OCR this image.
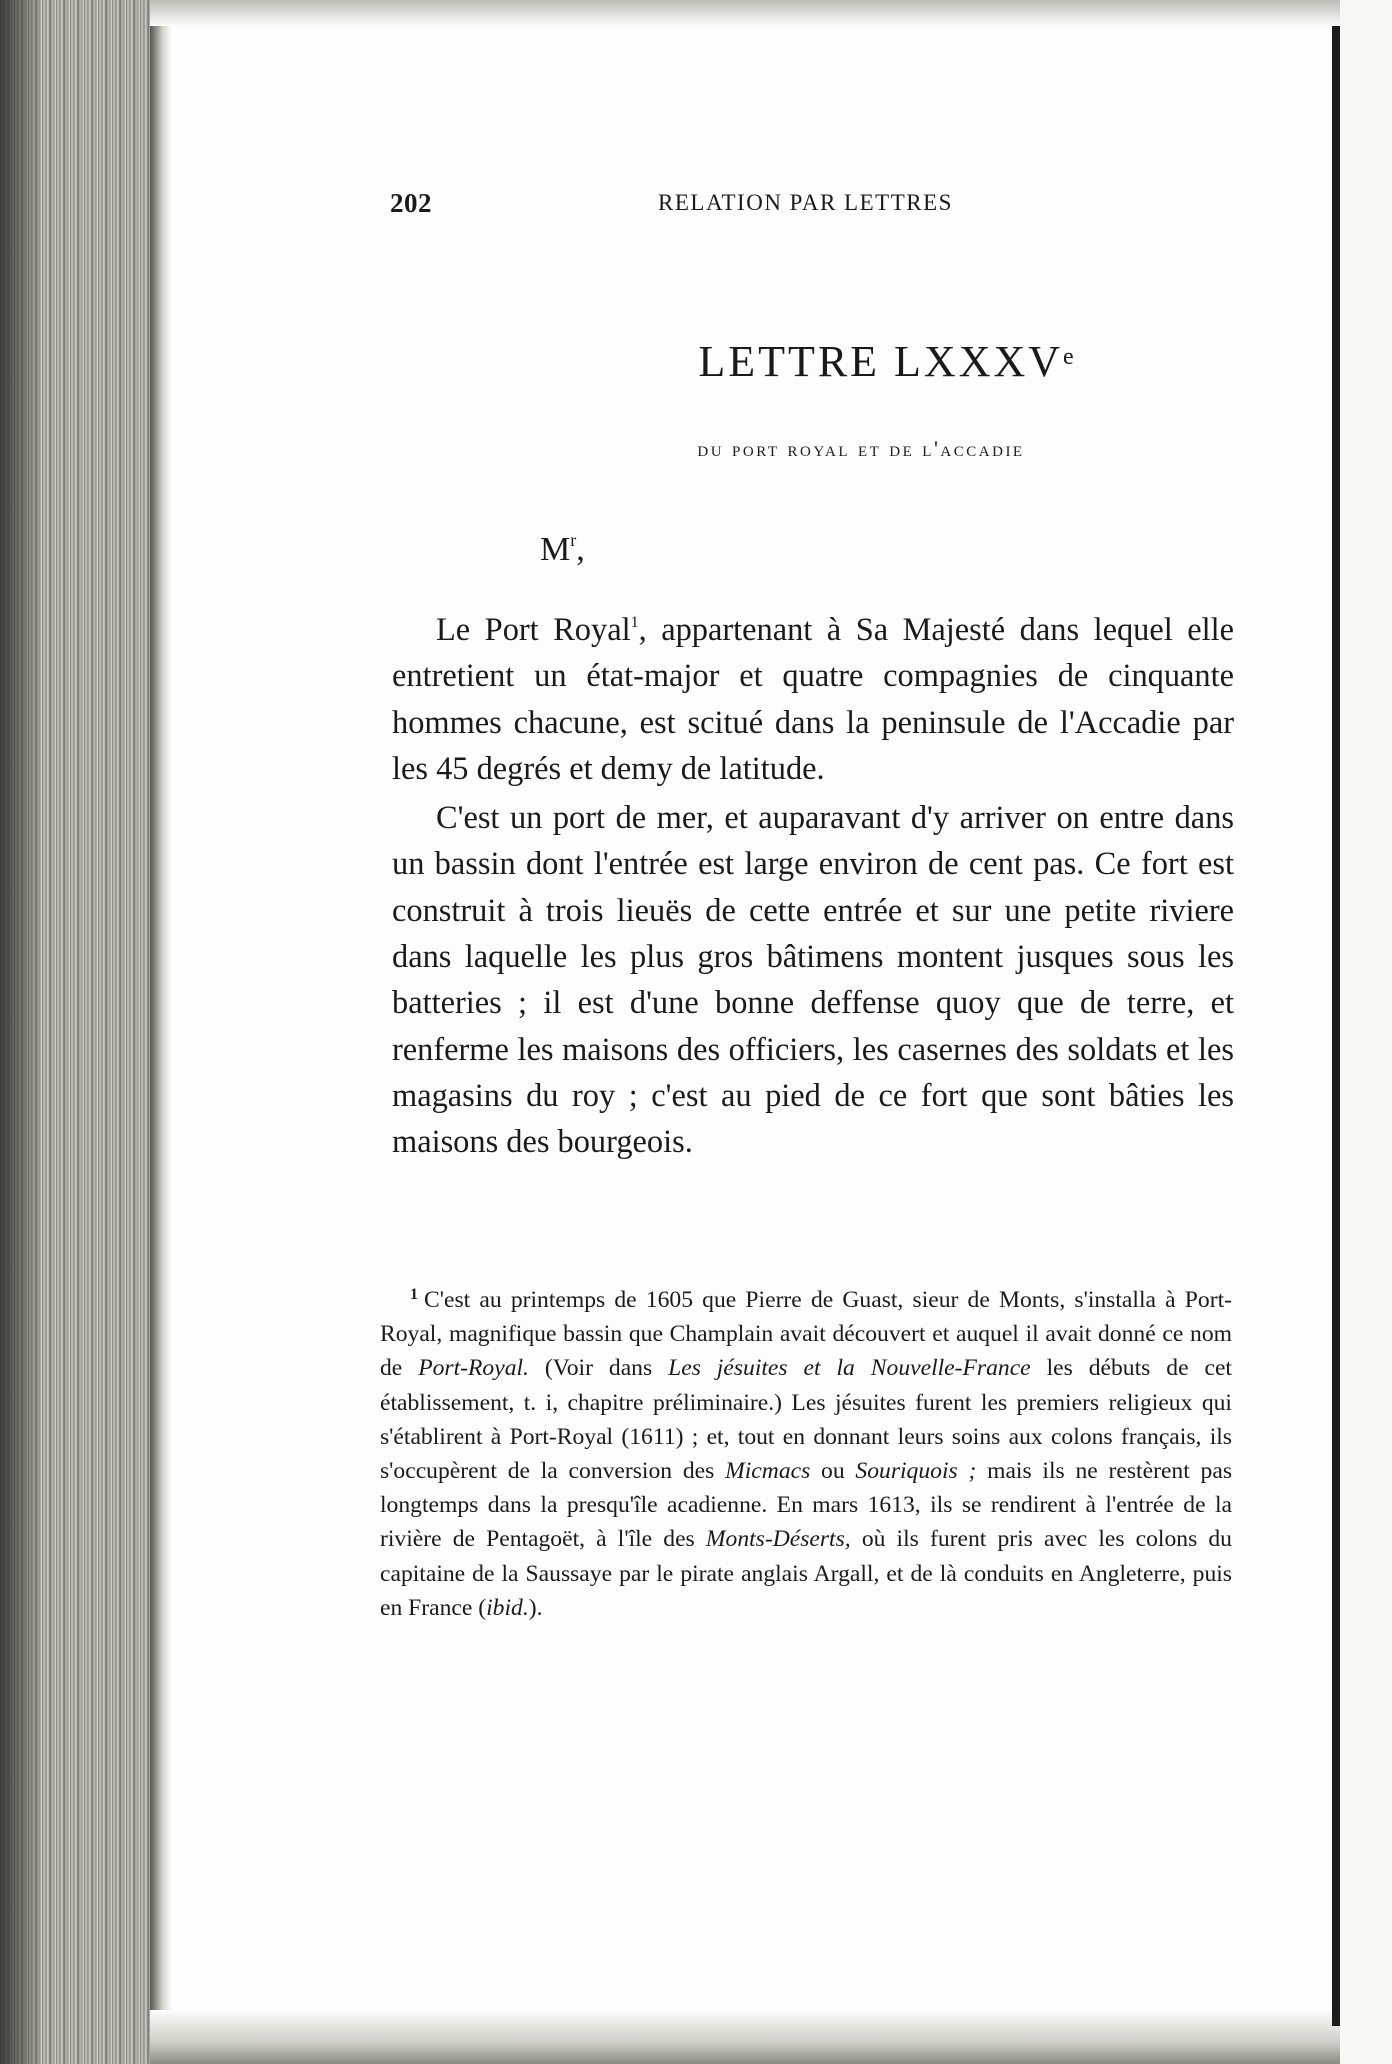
202	RELATION PAR LETTRES
LETTRE LXXXVe
du port royal et de l'accadie
$M^r$,

Le Port Royal$^1$, appartenant à Sa Majesté dans lequel elle entretient un état-major et quatre compagnies de cinquante hommes chacune, est scitué dans la peninsule de l'Accadie par les 45 degrés et demy de latitude.

C'est un port de mer, et auparavant d'y arriver on entre dans un bassin dont l'entrée est large environ de cent pas. Ce fort est construit à trois lieuës de cette entrée et sur une petite riviere dans laquelle les plus gros bâtimens montent jusques sous les batteries ; il est d'une bonne deffense quoy que de terre, et renferme les maisons des officiers, les casernes des soldats et les magasins du roy ; c'est au pied de ce fort que sont bâties les maisons des bourgeois.

$^1$ C'est au printemps de 1605 que Pierre de Guast, sieur de Monts, s'installa à Port-Royal, magnifique bassin que Champlain avait découvert et auquel il avait donné ce nom de Port-Royal. (Voir dans Les jésuites et la Nouvelle-France les débuts de cet établissement, t. i, chapitre préliminaire.) Les jésuites furent les premiers religieux qui s'établirent à Port-Royal (1611) ; et, tout en donnant leurs soins aux colons français, ils s'occupèrent de la conversion des Micmacs ou Souriquois ; mais ils ne restèrent pas longtemps dans la presqu'île acadienne. En mars 1613, ils se rendirent à l'entrée de la rivière de Pentagoët, à l'île des Monts-Déserts, où ils furent pris avec les colons du capitaine de la Saussaye par le pirate anglais Argall, et de là conduits en Angleterre, puis en France (ibid.).
